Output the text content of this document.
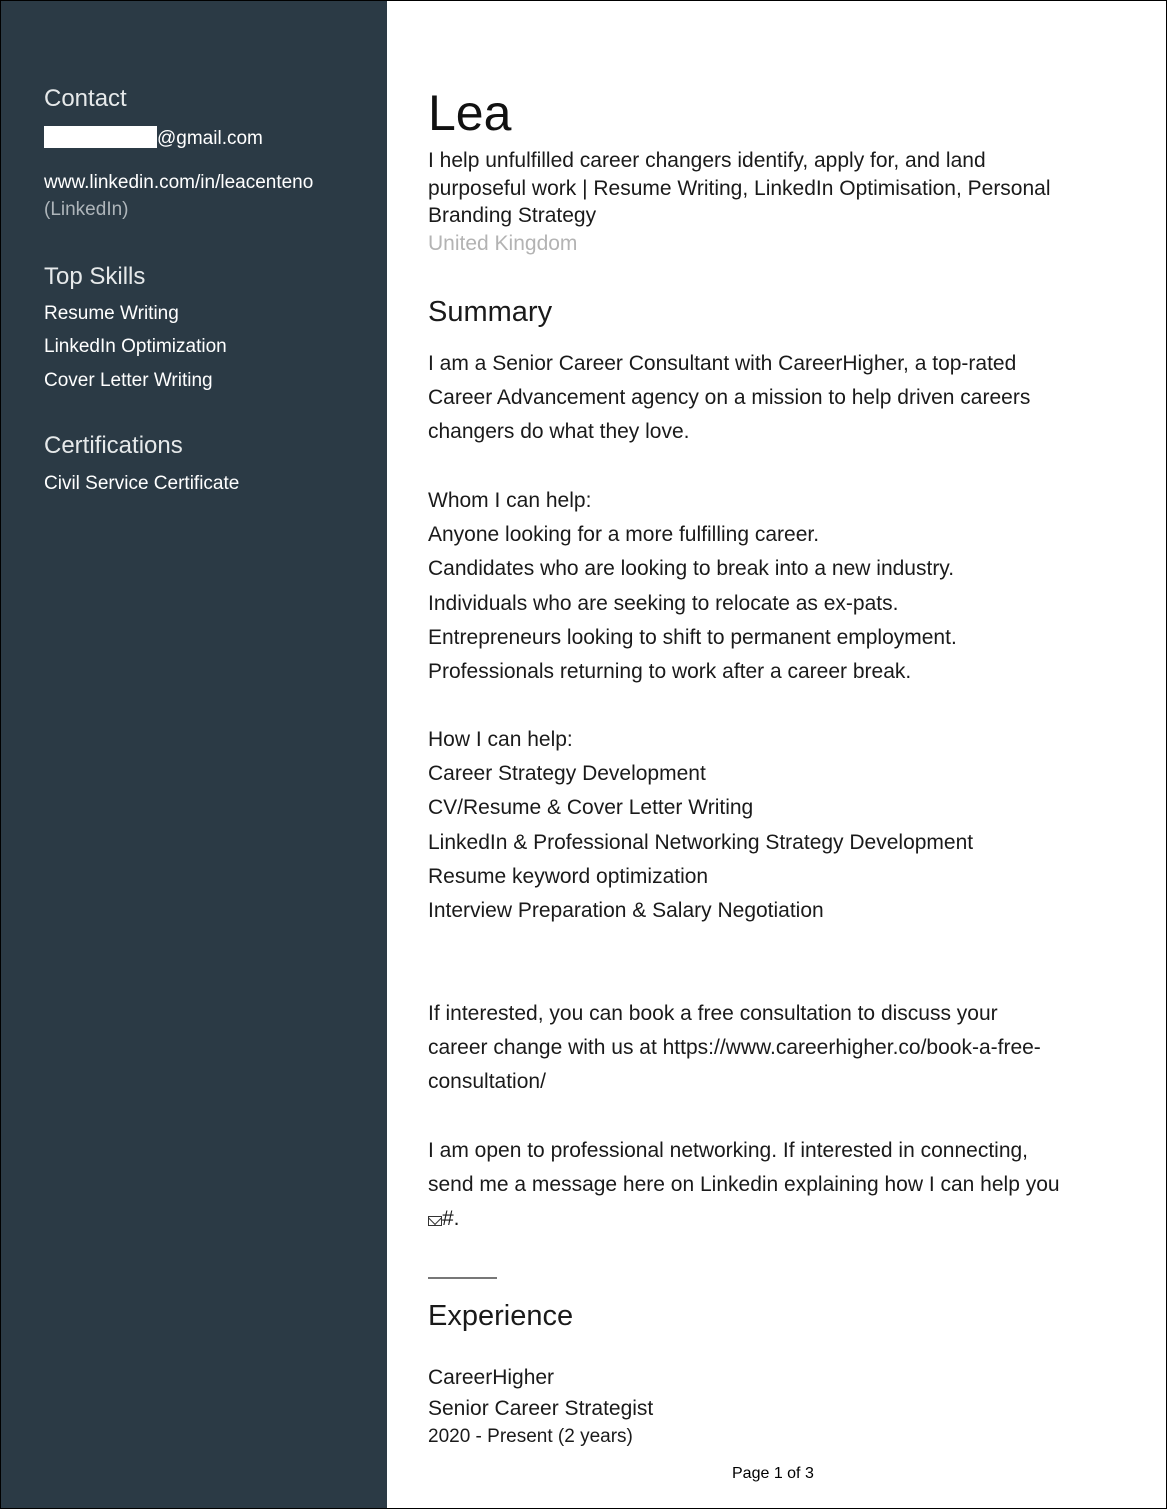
Contact
@gmail.com
www.linkedin.com/in/leacenteno
(LinkedIn)
Top Skills
Resume Writing
LinkedIn Optimization
Cover Letter Writing
Certifications
Civil Service Certificate
Lea
I help unfulfilled career changers identify, apply for, and land
purposeful work | Resume Writing, LinkedIn Optimisation, Personal
Branding Strategy
United Kingdom
Summary
I am a Senior Career Consultant with CareerHigher, a top-rated
Career Advancement agency on a mission to help driven careers
changers do what they love.
Whom I can help:
Anyone looking for a more fulfilling career.
Candidates who are looking to break into a new industry.
Individuals who are seeking to relocate as ex-pats.
Entrepreneurs looking to shift to permanent employment.
Professionals returning to work after a career break.
How I can help:
Career Strategy Development
CV/Resume & Cover Letter Writing
LinkedIn & Professional Networking Strategy Development
Resume keyword optimization
Interview Preparation & Salary Negotiation
If interested, you can book a free consultation to discuss your
career change with us at https://www.careerhigher.co/book-a-free-
consultation/
I am open to professional networking. If interested in connecting,
send me a message here on Linkedin explaining how I can help you
#.
Experience
CareerHigher
Senior Career Strategist
2020 - Present (2 years)
Page 1 of 3
